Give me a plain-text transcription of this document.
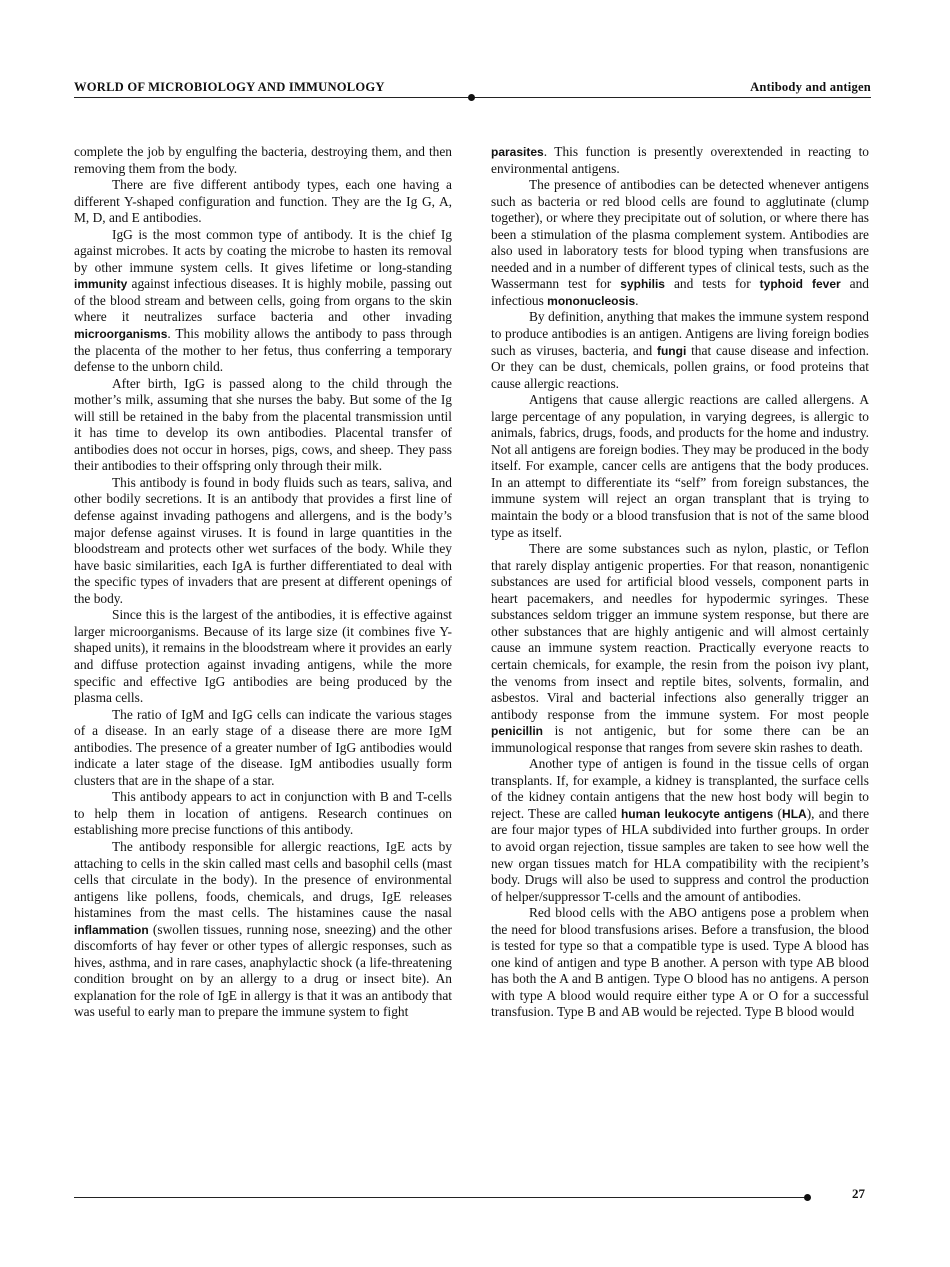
WORLD OF MICROBIOLOGY AND IMMUNOLOGY	Antibody and antigen

complete the job by engulfing the bacteria, destroying them, and then removing them from the body.

There are five different antibody types, each one having a different Y-shaped configuration and function. They are the Ig G, A, M, D, and E antibodies.

IgG is the most common type of antibody. It is the chief Ig against microbes. It acts by coating the microbe to hasten its removal by other immune system cells. It gives lifetime or long-standing immunity against infectious diseases. It is highly mobile, passing out of the blood stream and between cells, going from organs to the skin where it neutralizes surface bacteria and other invading microorganisms. This mobility allows the antibody to pass through the placenta of the mother to her fetus, thus conferring a temporary defense to the unborn child.

After birth, IgG is passed along to the child through the mother’s milk, assuming that she nurses the baby. But some of the Ig will still be retained in the baby from the placental transmission until it has time to develop its own antibodies. Placental transfer of antibodies does not occur in horses, pigs, cows, and sheep. They pass their antibodies to their offspring only through their milk.

This antibody is found in body fluids such as tears, saliva, and other bodily secretions. It is an antibody that provides a first line of defense against invading pathogens and allergens, and is the body’s major defense against viruses. It is found in large quantities in the bloodstream and protects other wet surfaces of the body. While they have basic similarities, each IgA is further differentiated to deal with the specific types of invaders that are present at different openings of the body.

Since this is the largest of the antibodies, it is effective against larger microorganisms. Because of its large size (it combines five Y-shaped units), it remains in the bloodstream where it provides an early and diffuse protection against invading antigens, while the more specific and effective IgG antibodies are being produced by the plasma cells.

The ratio of IgM and IgG cells can indicate the various stages of a disease. In an early stage of a disease there are more IgM antibodies. The presence of a greater number of IgG antibodies would indicate a later stage of the disease. IgM antibodies usually form clusters that are in the shape of a star.

This antibody appears to act in conjunction with B and T-cells to help them in location of antigens. Research continues on establishing more precise functions of this antibody.

The antibody responsible for allergic reactions, IgE acts by attaching to cells in the skin called mast cells and basophil cells (mast cells that circulate in the body). In the presence of environmental antigens like pollens, foods, chemicals, and drugs, IgE releases histamines from the mast cells. The histamines cause the nasal inflammation (swollen tissues, running nose, sneezing) and the other discomforts of hay fever or other types of allergic responses, such as hives, asthma, and in rare cases, anaphylactic shock (a life-threatening condition brought on by an allergy to a drug or insect bite). An explanation for the role of IgE in allergy is that it was an antibody that was useful to early man to prepare the immune system to fight

parasites. This function is presently overextended in reacting to environmental antigens.

The presence of antibodies can be detected whenever antigens such as bacteria or red blood cells are found to agglutinate (clump together), or where they precipitate out of solution, or where there has been a stimulation of the plasma complement system. Antibodies are also used in laboratory tests for blood typing when transfusions are needed and in a number of different types of clinical tests, such as the Wassermann test for syphilis and tests for typhoid fever and infectious mononucleosis.

By definition, anything that makes the immune system respond to produce antibodies is an antigen. Antigens are living foreign bodies such as viruses, bacteria, and fungi that cause disease and infection. Or they can be dust, chemicals, pollen grains, or food proteins that cause allergic reactions.

Antigens that cause allergic reactions are called allergens. A large percentage of any population, in varying degrees, is allergic to animals, fabrics, drugs, foods, and products for the home and industry. Not all antigens are foreign bodies. They may be produced in the body itself. For example, cancer cells are antigens that the body produces. In an attempt to differentiate its “self” from foreign substances, the immune system will reject an organ transplant that is trying to maintain the body or a blood transfusion that is not of the same blood type as itself.

There are some substances such as nylon, plastic, or Teflon that rarely display antigenic properties. For that reason, nonantigenic substances are used for artificial blood vessels, component parts in heart pacemakers, and needles for hypodermic syringes. These substances seldom trigger an immune system response, but there are other substances that are highly antigenic and will almost certainly cause an immune system reaction. Practically everyone reacts to certain chemicals, for example, the resin from the poison ivy plant, the venoms from insect and reptile bites, solvents, formalin, and asbestos. Viral and bacterial infections also generally trigger an antibody response from the immune system. For most people penicillin is not antigenic, but for some there can be an immunological response that ranges from severe skin rashes to death.

Another type of antigen is found in the tissue cells of organ transplants. If, for example, a kidney is transplanted, the surface cells of the kidney contain antigens that the new host body will begin to reject. These are called human leukocyte antigens (HLA), and there are four major types of HLA subdivided into further groups. In order to avoid organ rejection, tissue samples are taken to see how well the new organ tissues match for HLA compatibility with the recipient’s body. Drugs will also be used to suppress and control the production of helper/suppressor T-cells and the amount of antibodies.

Red blood cells with the ABO antigens pose a problem when the need for blood transfusions arises. Before a transfusion, the blood is tested for type so that a compatible type is used. Type A blood has one kind of antigen and type B another. A person with type AB blood has both the A and B antigen. Type O blood has no antigens. A person with type A blood would require either type A or O for a successful transfusion. Type B and AB would be rejected. Type B blood would

27
